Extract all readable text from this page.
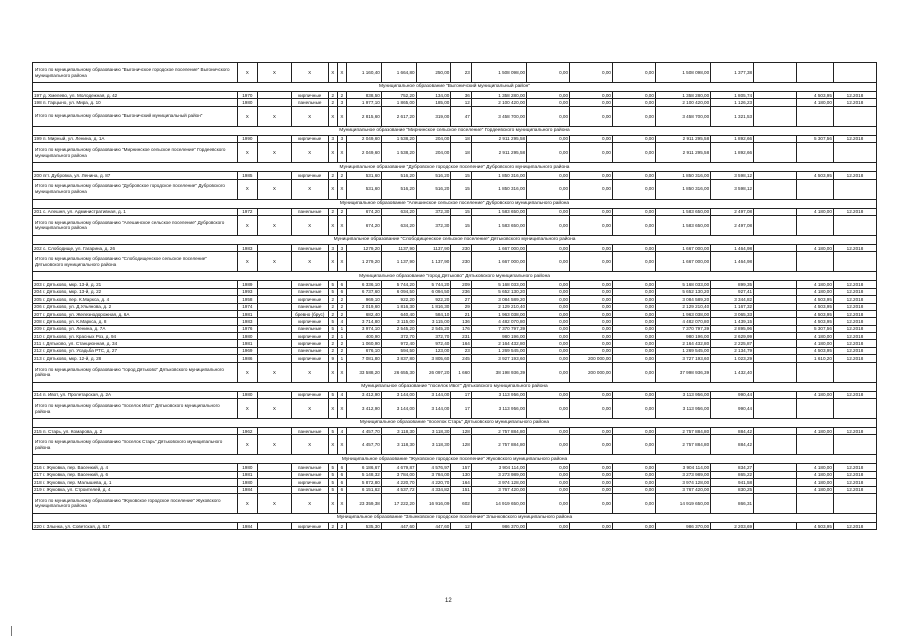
Итого по муниципальному образованию "Выгоничское городское поселение" Выгоничского муниципального района	X	X	X	X	X	1 160,40	1 664,80	250,00	23	1 508 098,00	0,00	0,00	0,00	1 508 098,00	1 377,38			
Муниципальное образование "Выгоничский муниципальный район"																		
197 д. Хмелево, ул. Молодежная, д. 42	1970		кирпичные	2	2	838,50	752,20	134,00	36	1 358 280,00	0,00	0,00	0,00	1 358 280,00	1 805,74		4 503,95	12.2018
198 п. Гарцыно, ул. Мира, д. 10	1980		панельные	2	3	1 977,10	1 865,00	185,00	12	2 100 420,00	0,00	0,00	0,00	2 100 420,00	1 126,23		4 180,00	12.2018
Итого по муниципальному образованию "Выгоничский муниципальный район"	X	X	X	X	X	2 815,60	2 617,20	319,00	47	3 458 700,00	0,00	0,00	0,00	3 458 700,00	1 321,53			
Муниципальное образование "Мирнинское сельское поселение" Гордеевского муниципального района																		
199 п. Мирный, ул. Ленина, д. 1А	1990		кирпичные	3	3	2 049,60	1 538,20	204,00	18	2 911 295,58	0,00	0,00	0,00	2 911 295,58	1 892,66		5 307,56	12.2018
Итого по муниципальному образованию "Мирнинское сельское поселение" Гордеевского муниципального района	X	X	X	X	X	2 049,60	1 538,20	204,00	18	2 911 295,58	0,00	0,00	0,00	2 911 295,58	1 892,66			
Муниципальное образование "Дубровское городское поселение" Дубровского муниципального района																		
200 пгт. Дубровка, ул. Ленина, д. 87	1985		кирпичные	2	2	531,60	516,20	516,20	15	1 850 316,00	0,00	0,00	0,00	1 850 316,00	3 598,12		4 503,95	12.2018
Итого по муниципальному образованию "Дубровское городское поселение" Дубровского муниципального района	X	X	X	X	X	531,60	516,20	516,20	15	1 850 316,00	0,00	0,00	0,00	1 850 316,00	3 598,12			
Муниципальное образование "Алешинское сельское поселение" Дубровского муниципального района																		
201 с. Алешня, ул. Административная, д. 1	1972		панельные	2	2	674,20	634,20	372,30	15	1 583 650,00	0,00	0,00	0,00	1 583 650,00	2 497,08		4 180,00	12.2018
Итого по муниципальному образованию "Алешинское сельское поселение" Дубровского муниципального района	X	X	X	X	X	674,20	634,20	372,30	15	1 583 650,00	0,00	0,00	0,00	1 583 650,00	2 497,08			
Муниципальное образование "Слободищенское сельское поселение" Дятьковского муниципального района																		
202 с. Слободище, ул. Гагарина, д. 26	1983		панельные	3	3	1279,20	1137,90	1137,90	230	1 667 000,00	0,00	0,00	0,00	1 667 000,00	1 464,98		4 180,00	12.2018
Итого по муниципальному образованию "Слободищенское сельское поселение" Дятьковского муниципального района	X	X	X	X	X	1 279,20	1 137,90	1 137,90	230	1 667 000,00	0,00	0,00	0,00	1 667 000,00	1 464,98			
Муниципальное образование "город Дятьково" Дятьковского муниципального района																		
203 г. Дятьково, мкр. 13-й, д. 21	1989		панельные	5	6	6 336,10	5 744,20	5 744,20	209	5 168 033,00	0,00	0,00	0,00	5 168 033,00	899,35		4 180,00	12.2018
204 г. Дятьково, мкр. 13-й, д. 22	1993		панельные	5	6	6 737,60	6 094,50	6 094,50	236	5 652 130,20	0,00	0,00	0,00	5 652 130,20	927,41		4 180,00	12.2018
205 г. Дятьково, пер. К.Маркса, д. 4	1958		кирпичные	2	2	969,10	922,20	922,20	27	3 084 589,20	0,00	0,00	0,00	3 084 589,20	3 344,82		4 503,95	12.2018
206 г. Дятьково, ул. Д.Ульянова, д. 2	1974		панельные	2	2	2 019,60	1 816,30	1 816,30	29	2 129 210,40	0,00	0,00	0,00	2 129 210,40	1 167,32		4 503,95	12.2018
207 г. Дятьково, ул. Железнодорожная, д. 6А	1981		бревно (брус)	2	2	682,40	640,40	584,10	21	1 963 038,00	0,00	0,00	0,00	1 963 038,00	3 065,33		4 503,95	12.2018
208 г. Дятьково, ул. К.Маркса, д. 8	1983		кирпичные	5	4	3 714,80	3 115,00	3 115,00	136	4 482 070,80	0,00	0,00	0,00	4 482 070,80	1 439,15		4 503,95	12.2018
209 г. Дятьково, ул. Ленина, д. 7А	1976		панельные	5	1	3 974,10	2 545,20	2 545,20	176	7 370 797,39	0,00	0,00	0,00	7 370 797,39	2 895,96		5 307,56	12.2018
210 г. Дятьково, ул. Красных Роз, д. 94	1980		кирпичные	2	1	400,90	372,70	372,70	231	980 196,00	0,00	0,00	0,00	980 196,00	2 629,99		4 180,00	12.2018
211 г. Дятьково, ул. Станционная, д. 34	1981		кирпичные	2	2	1 060,90	972,40	972,40	164	2 164 432,80	0,00	0,00	0,00	2 164 432,80	2 225,87		4 180,00	12.2018
212 г. Дятьково, ул. Усадьба РТС, д. 27	1969		панельные	2	2	676,10	594,50	123,00	23	1 269 545,00	0,00	0,00	0,00	1 269 545,00	2 134,79		4 503,95	12.2018
213 г. Дятьково, мкр. 12-й, д. 28	1986		кирпичные	9	1	7 081,80	3 837,80	3 805,60	245	3 927 193,60	0,00	200 000,00	0,00	3 727 193,60	1 023,29		1 610,20	12.2018
Итого по муниципальному образованию "город Дятьково" Дятьковского муниципального района	X	X	X	X	X	33 588,20	26 655,30	26 097,20	1 660	38 198 936,39	0,00	200 000,00	0,00	37 998 936,39	1 432,40			
Муниципальное образование "поселок Ивот" Дятьковского муниципального района																		
214 п. Ивот, ул. Пролетарская, д. 2А	1980		кирпичные	5	4	3 412,90	3 144,00	3 144,00	17	3 113 956,00	0,00	0,00	0,00	3 113 956,00	990,44		4 180,00	12.2018
Итого по муниципальному образованию "поселок Ивот" Дятьковского муниципального района	X	X	X	X	X	3 412,90	3 144,00	3 144,00	17	3 113 956,00	0,00	0,00	0,00	3 113 956,00	990,44			
Муниципальное образование "поселок Старь" Дятьковского муниципального района																		
215 п. Старь, ул. Комарова, д. 2	1962		панельные	5	4	4 457,70	3 118,30	3 118,30	128	2 757 884,80	0,00	0,00	0,00	2 757 884,80	884,42		4 180,00	12.2018
Итого по муниципальному образованию "поселок Старь" Дятьковского муниципального района	X	X	X	X	X	4 457,70	3 118,30	3 118,30	128	2 757 884,80	0,00	0,00	0,00	2 757 884,80	884,42			
Муниципальное образование "Жуковское городское поселение" Жуковского муниципального района																		
216 г. Жуковка, пер. Васенкий, д. 4	1980		панельные	5	6	6 186,67	4 679,87	4 576,97	157	3 904 114,00	0,00	0,00	0,00	3 904 114,00	834,27		4 180,00	12.2018
217 г. Жуковка, пер. Васенкий, д. 6	1981		панельные	5	6	5 148,32	3 784,00	3 784,00	130	3 273 989,00	0,00	0,00	0,00	3 273 989,00	865,22		4 180,00	12.2018
218 г. Жуковка, пер. Малышева, д. 1	1980		кирпичные	5	6	5 872,80	4 220,70	4 220,70	164	3 974 128,00	0,00	0,00	0,00	3 974 128,00	941,58		4 180,00	12.2018
219 г. Жуковка, ул. Строителей, д. 4	1984		панельные	5	6	6 151,62	4 537,72	4 334,82	151	3 767 420,00	0,00	0,00	0,00	3 767 420,00	830,25		4 180,00	12.2018
Итого по муниципальному образованию "Жуковское городское поселение" Жуковского муниципального района	X	X	X	X	X	23 359,38	17 222,20	16 916,09	602	14 919 650,00	0,00	0,00	0,00	14 919 650,00	866,31			
Муниципальное образование "Злынковское городское поселение" Злынковского муниципального района																		
220 г. Злынка, ул. Советская, д. 51Г	1984		кирпичные	2	2	535,30	447,60	447,60	12	986 370,00	0,00	0,00	0,00	986 370,00	2 203,69		4 503,95	12.2018
12
